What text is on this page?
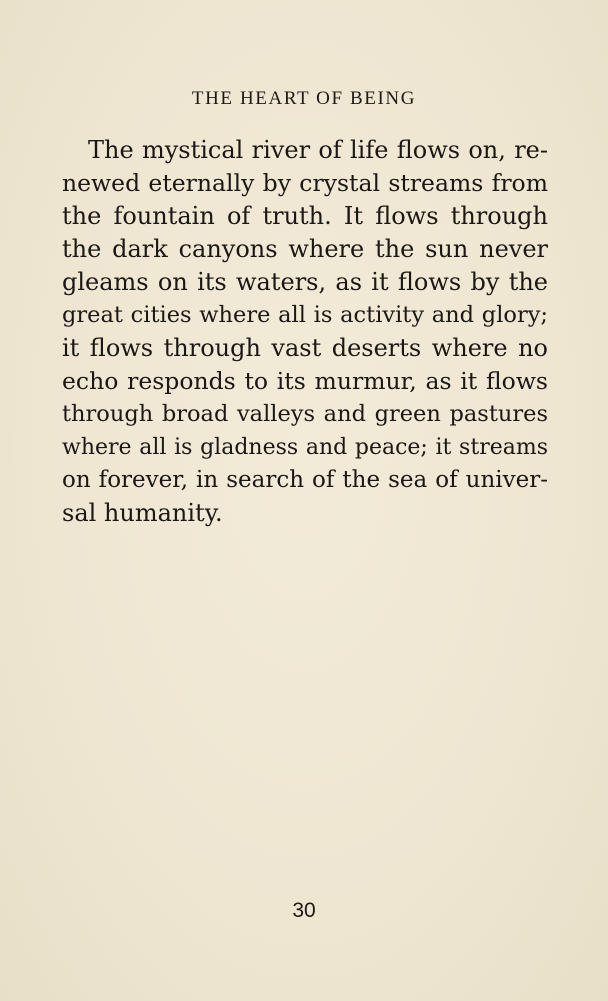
THE HEART OF BEING
The mystical river of life flows on, re-
newed eternally by crystal streams from
the fountain of truth. It flows through
the dark canyons where the sun never
gleams on its waters, as it flows by the
great cities where all is activity and glory;
it flows through vast deserts where no
echo responds to its murmur, as it flows
through broad valleys and green pastures
where all is gladness and peace; it streams
on forever, in search of the sea of univer-
sal humanity.
30
